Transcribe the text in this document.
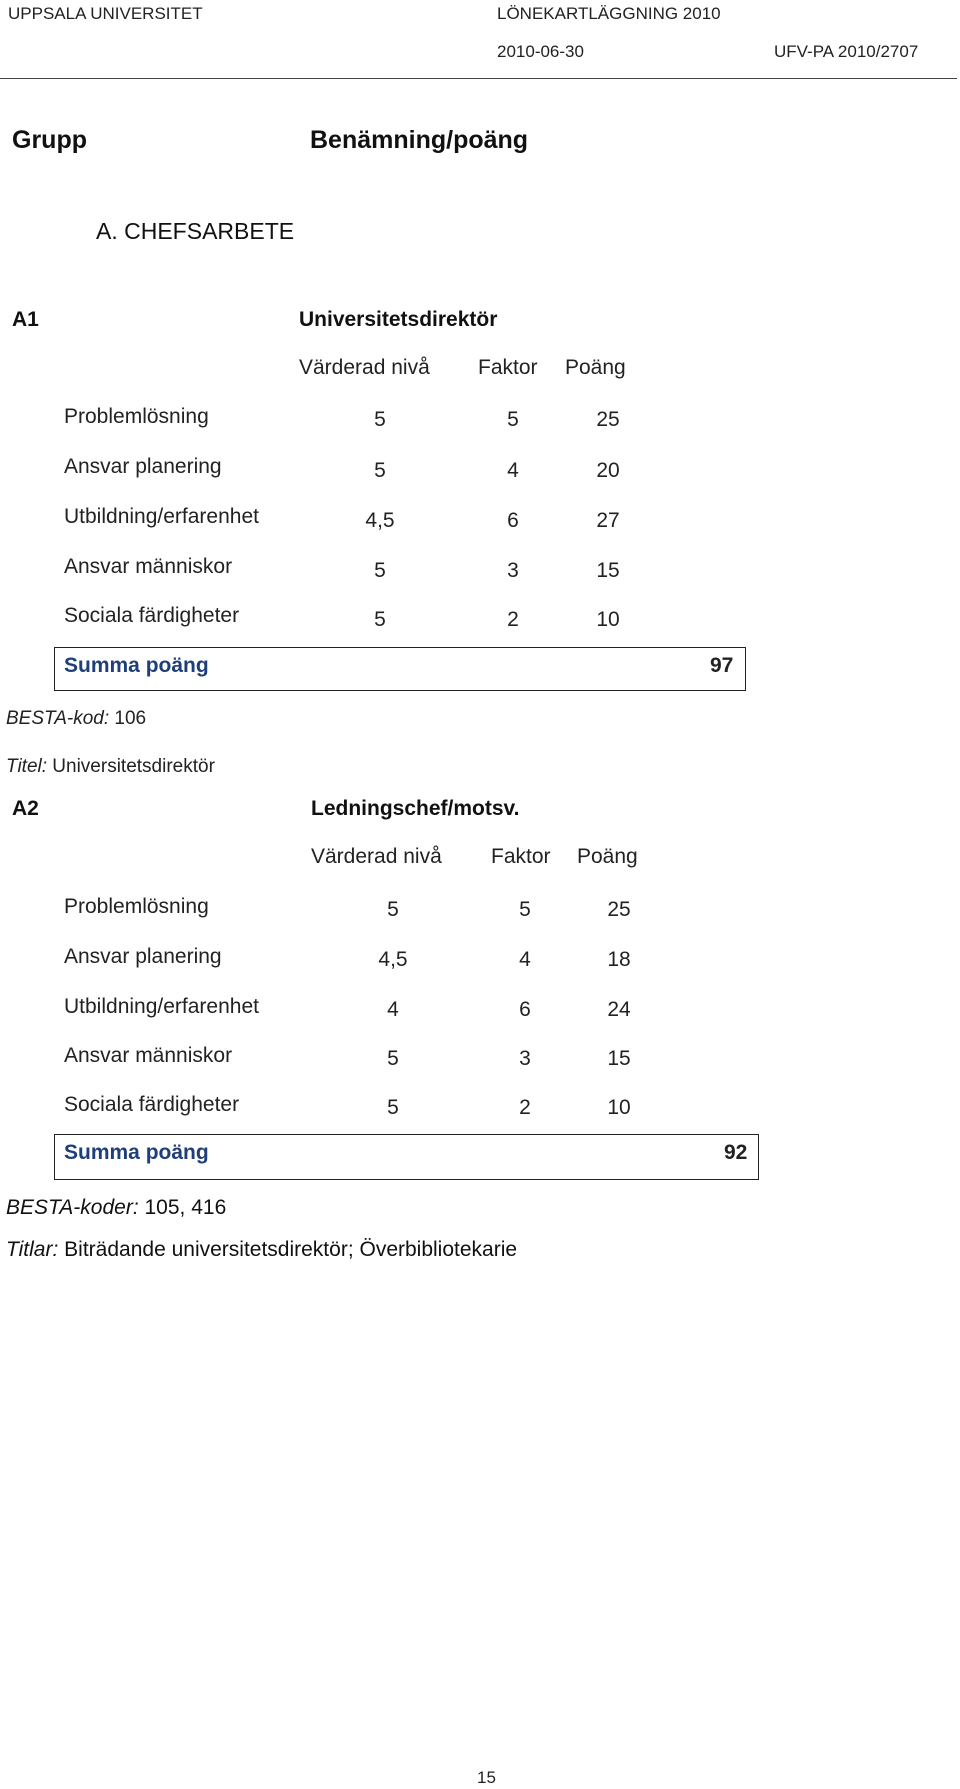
UPPSALA UNIVERSITET	LÖNEKARTLÄGGNING 2010
2010-06-30	UFV-PA 2010/2707
Grupp	Benämning/poäng
A. CHEFSARBETE
A1	Universitetsdirektör
Värderad nivå Faktor Poäng
Problemlösning	5	5	25
Ansvar planering	5	4	20
Utbildning/erfarenhet	4,5	6	27
Ansvar människor	5	3	15
Sociala färdigheter	5	2	10
Summa poäng	97
BESTA-kod: 106
Titel: Universitetsdirektör
A2	Ledningschef/motsv.
Värderad nivå Faktor Poäng
Problemlösning	5	5	25
Ansvar planering	4,5	4	18
Utbildning/erfarenhet	4	6	24
Ansvar människor	5	3	15
Sociala färdigheter	5	2	10
Summa poäng	92
BESTA-koder: 105, 416
Titlar: Biträdande universitetsdirektör; Överbibliotekarie
15
